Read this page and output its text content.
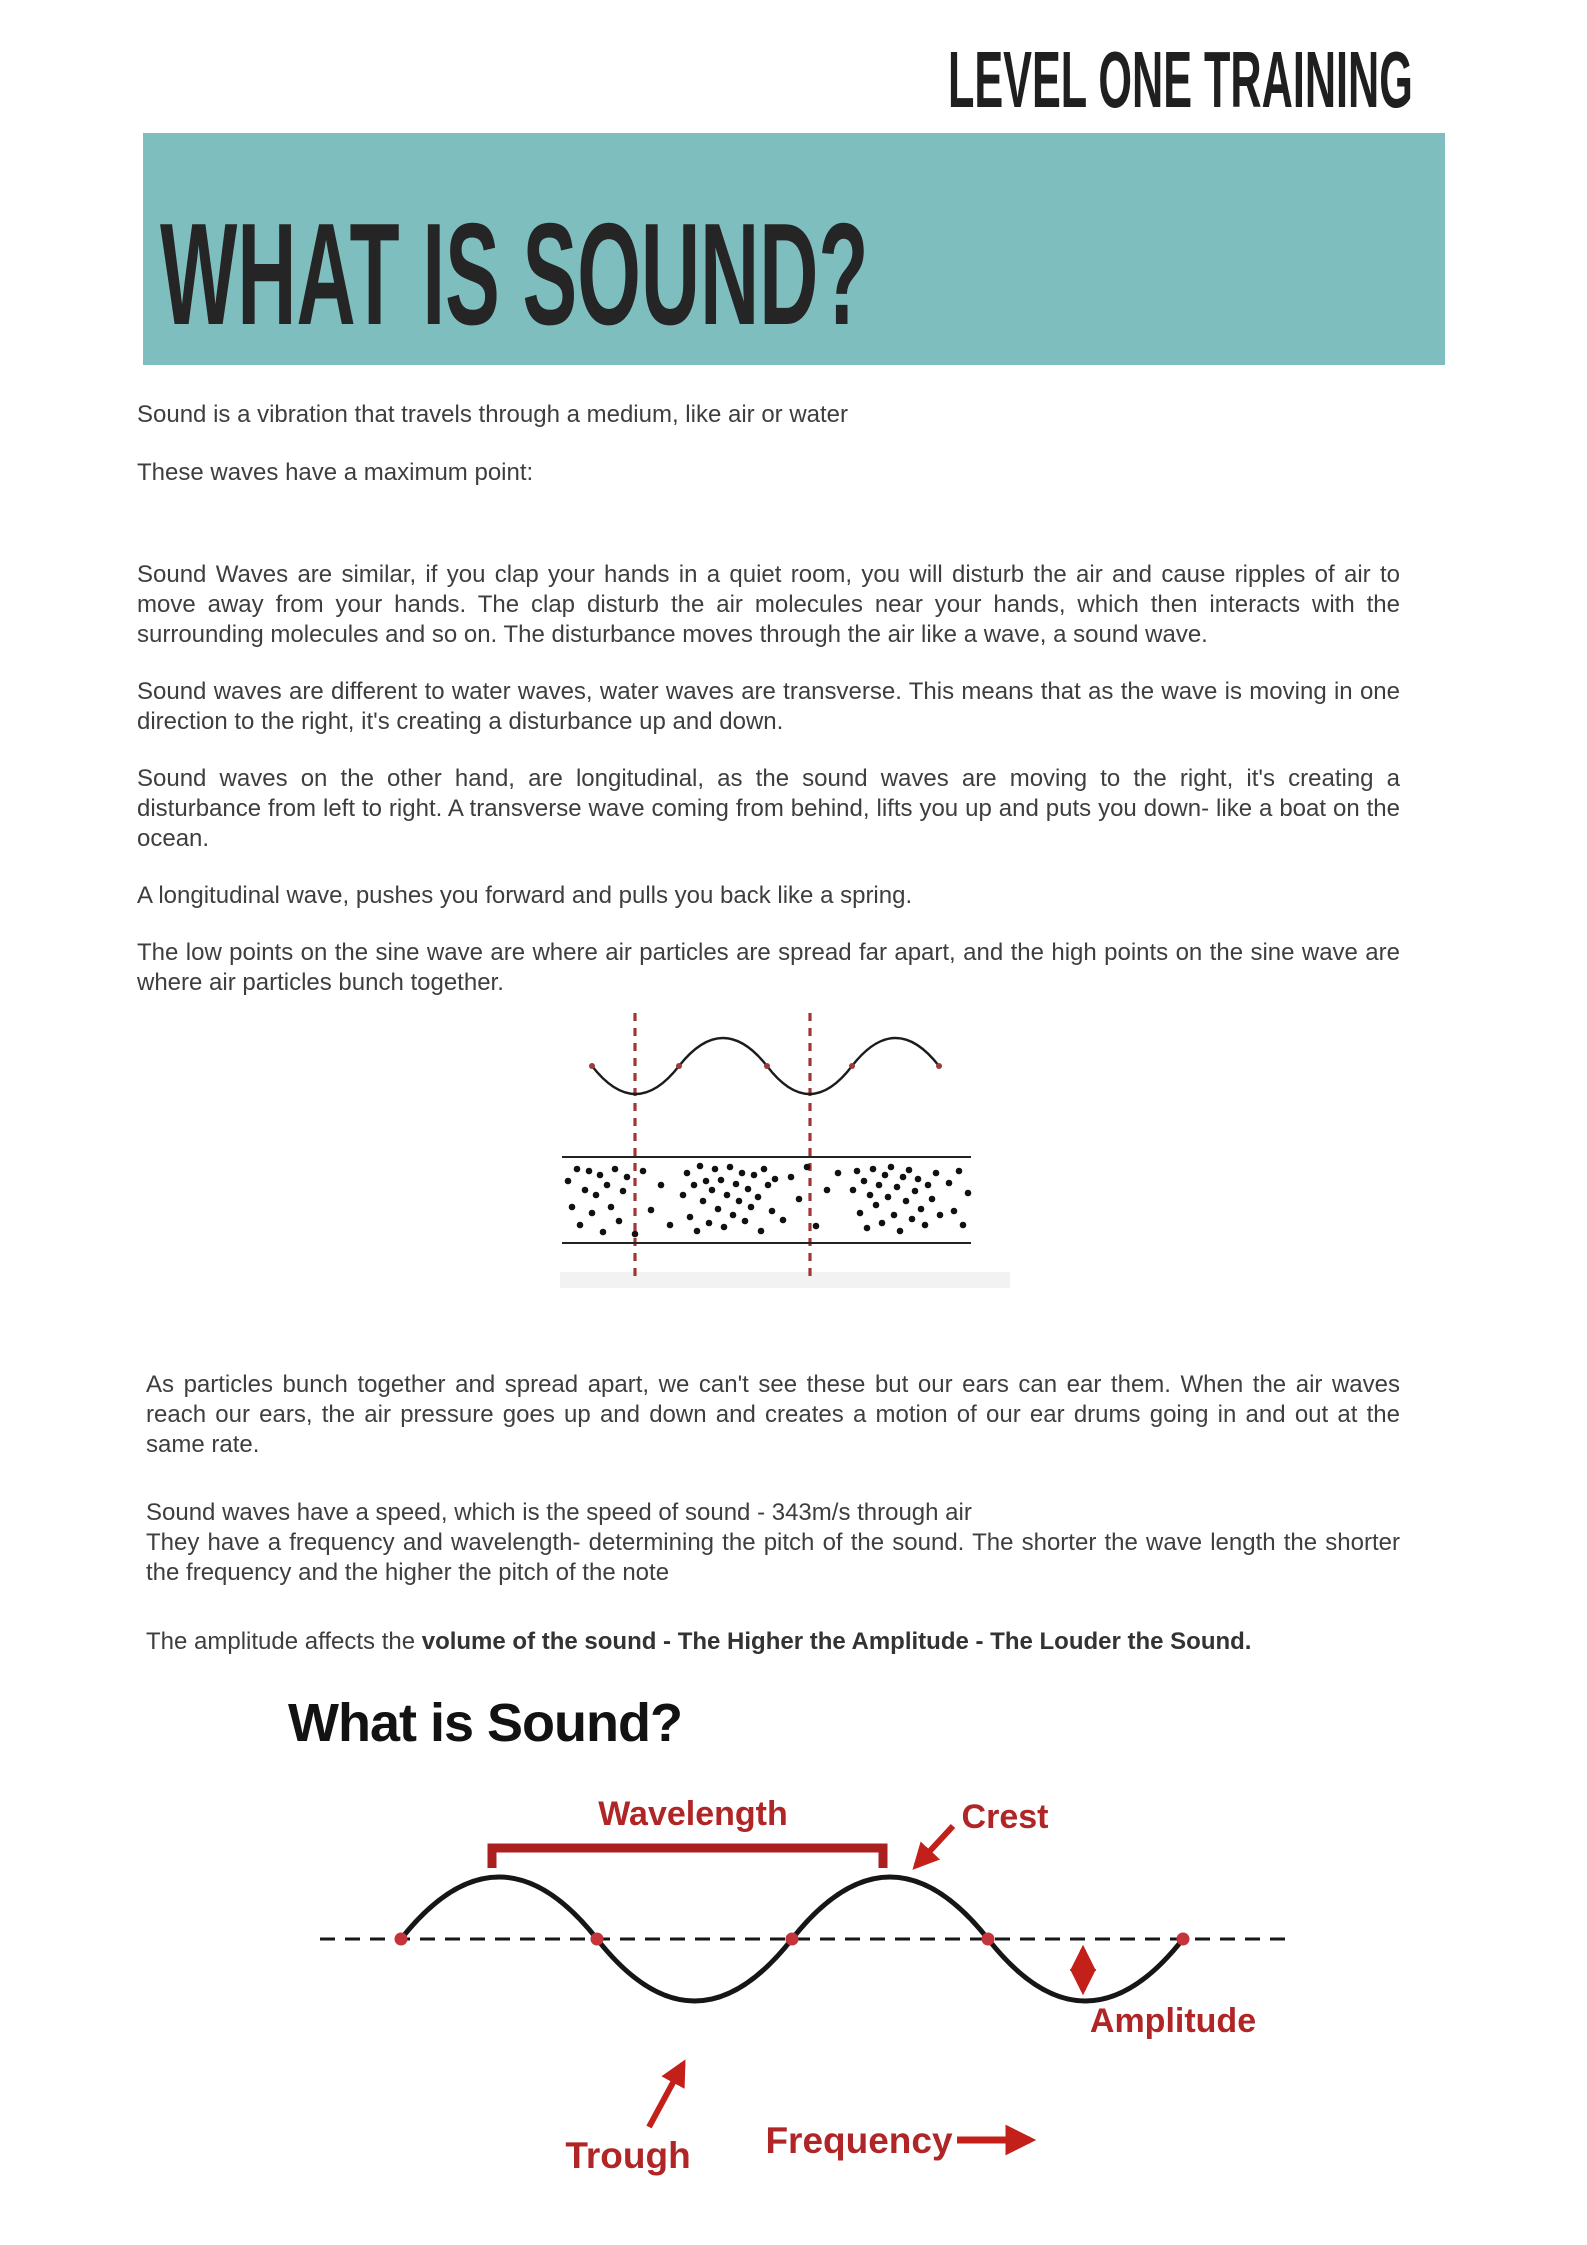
LEVEL ONE TRAINING
WHAT IS SOUND?

Sound is a vibration that travels through a medium, like air or water

These waves have a maximum point:

Sound Waves are similar, if you clap your hands in a quiet room, you will disturb the air and cause ripples of air to move away from your hands. The clap disturb the air molecules near your hands, which then interacts with the surrounding molecules and so on. The disturbance moves through the air like a wave, a sound wave.

Sound waves are different to water waves, water waves are transverse. This means that as the wave is moving in one direction to the right, it's creating a disturbance up and down.

Sound waves on the other hand, are longitudinal, as the sound waves are moving to the right, it's creating a disturbance from left to right. A transverse wave coming from behind, lifts you up and puts you down- like a boat on the ocean.

A longitudinal wave, pushes you forward and pulls you back like a spring.

The low points on the sine wave are where air particles are spread far apart, and the high points on the sine wave are where air particles bunch together.

As particles bunch together and spread apart, we can't see these but our ears can ear them. When the air waves reach our ears, the air pressure goes up and down and creates a motion of our ear drums going in and out at the same rate.

Sound waves have a speed, which is the speed of sound - 343m/s through air

They have a frequency and wavelength- determining the pitch of the sound. The shorter the wave length the shorter the frequency and the higher the pitch of the note

The amplitude affects the volume of the sound - The Higher the Amplitude - The Louder the Sound.

What is Sound?
Wavelength	Crest
Amplitude
Trough Frequency
